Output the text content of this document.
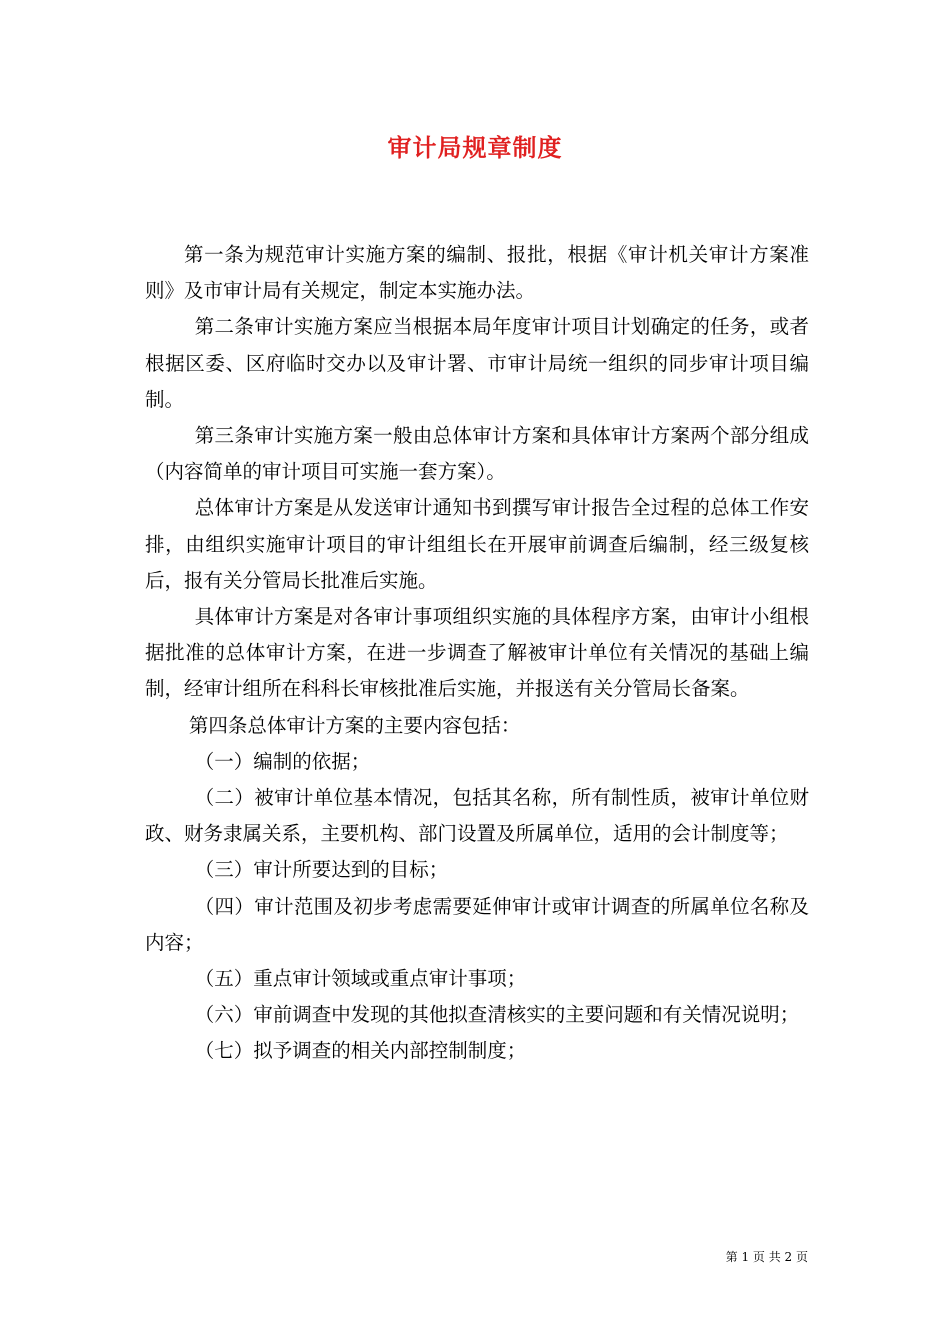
审计局规章制度

第一条为规范审计实施方案的编制、报批，根据《审计机关审计方案准则》及市审计局有关规定，制定本实施办法。

第二条审计实施方案应当根据本局年度审计项目计划确定的任务，或者根据区委、区府临时交办以及审计署、市审计局统一组织的同步审计项目编制。

第三条审计实施方案一般由总体审计方案和具体审计方案两个部分组成（内容简单的审计项目可实施一套方案）。

总体审计方案是从发送审计通知书到撰写审计报告全过程的总体工作安排，由组织实施审计项目的审计组组长在开展审前调查后编制，经三级复核后，报有关分管局长批准后实施。

具体审计方案是对各审计事项组织实施的具体程序方案，由审计小组根据批准的总体审计方案，在进一步调查了解被审计单位有关情况的基础上编制，经审计组所在科科长审核批准后实施，并报送有关分管局长备案。

第四条总体审计方案的主要内容包括：

（一）编制的依据；

（二）被审计单位基本情况，包括其名称，所有制性质，被审计单位财政、财务隶属关系，主要机构、部门设置及所属单位，适用的会计制度等；

（三）审计所要达到的目标；

（四）审计范围及初步考虑需要延伸审计或审计调查的所属单位名称及内容；

（五）重点审计领域或重点审计事项；

（六）审前调查中发现的其他拟查清核实的主要问题和有关情况说明；

（七）拟予调查的相关内部控制制度；

第 1 页 共 2 页
